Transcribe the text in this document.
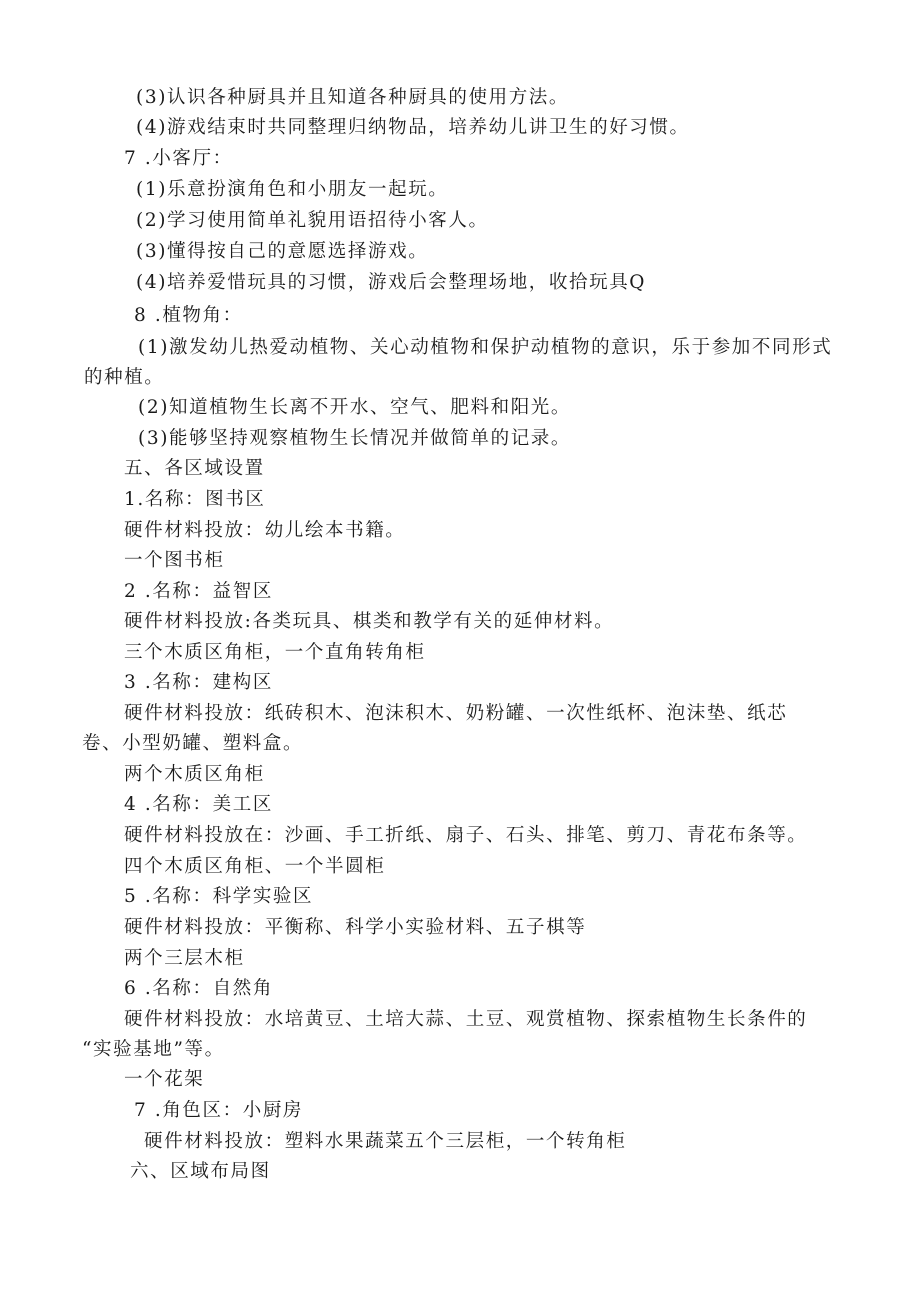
(3)认识各种厨具并且知道各种厨具的使用方法。
(4)游戏结束时共同整理归纳物品，培养幼儿讲卫生的好习惯。
7 .小客厅：
(1)乐意扮演角色和小朋友一起玩。
(2)学习使用简单礼貌用语招待小客人。
(3)懂得按自己的意愿选择游戏。
(4)培养爱惜玩具的习惯，游戏后会整理场地，收拾玩具Q
8 .植物角：
(1)激发幼儿热爱动植物、关心动植物和保护动植物的意识，乐于参加不同形式
的种植。
(2)知道植物生长离不开水、空气、肥料和阳光。
(3)能够坚持观察植物生长情况并做简单的记录。
五、各区域设置
1.名称：图书区
硬件材料投放：幼儿绘本书籍。
一个图书柜
2 .名称：益智区
硬件材料投放:各类玩具、棋类和教学有关的延伸材料。
三个木质区角柜，一个直角转角柜
3 .名称：建构区
硬件材料投放：纸砖积木、泡沫积木、奶粉罐、一次性纸杯、泡沫垫、纸芯
卷、小型奶罐、塑料盒。
两个木质区角柜
4 .名称：美工区
硬件材料投放在：沙画、手工折纸、扇子、石头、排笔、剪刀、青花布条等。
四个木质区角柜、一个半圆柜
5 .名称：科学实验区
硬件材料投放：平衡称、科学小实验材料、五子棋等
两个三层木柜
6 .名称：自然角
硬件材料投放：水培黄豆、土培大蒜、土豆、观赏植物、探索植物生长条件的
“实验基地”等。
一个花架
7 .角色区：小厨房
硬件材料投放：塑料水果蔬菜五个三层柜，一个转角柜
六、区域布局图
